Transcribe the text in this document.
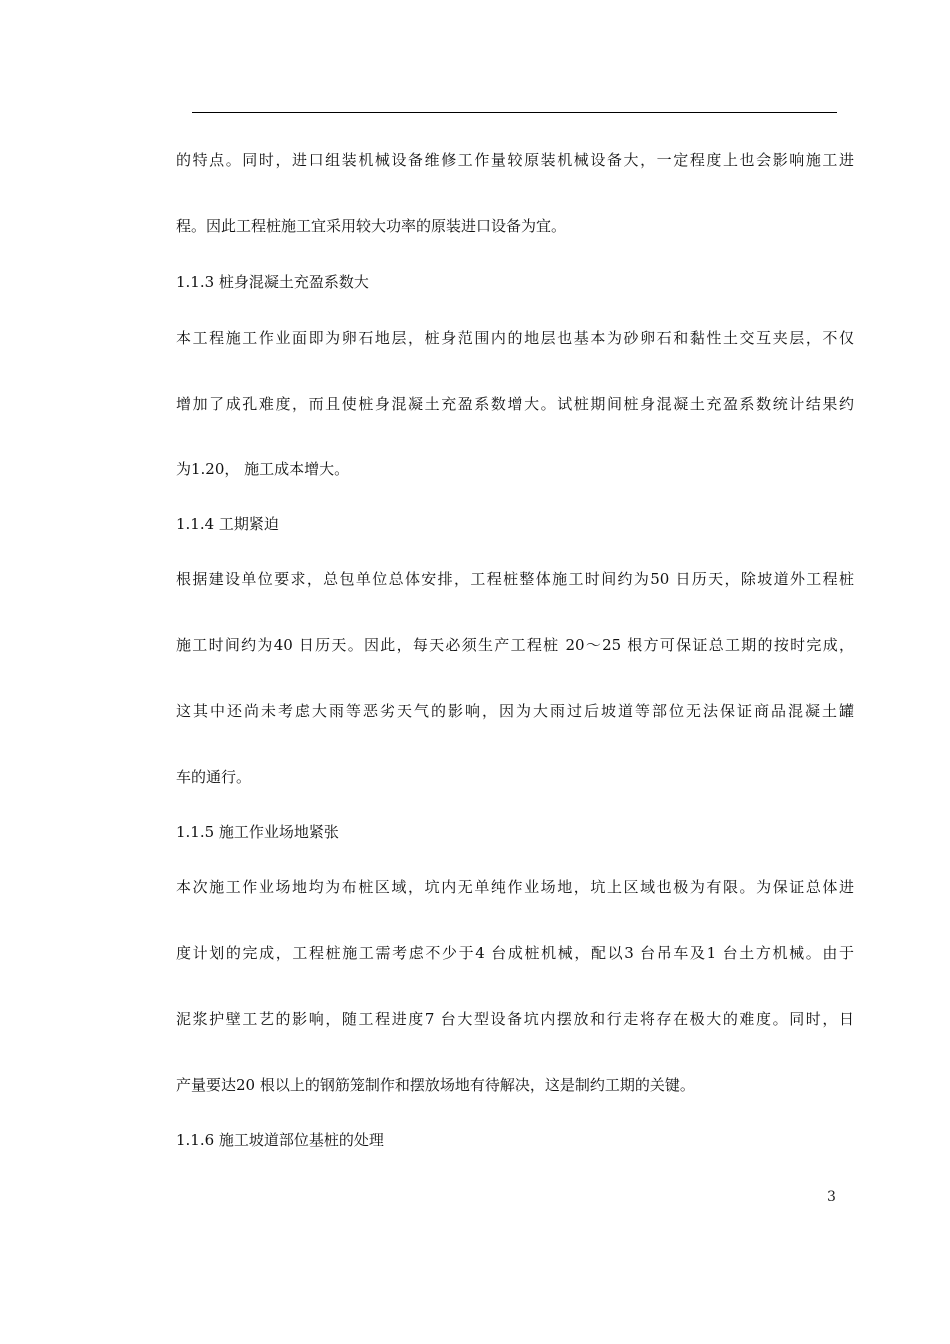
的特点。同时，进口组装机械设备维修工作量较原装机械设备大，一定程度上也会影响施工进

程。因此工程桩施工宜采用较大功率的原装进口设备为宜。

1.1.3 桩身混凝土充盈系数大

本工程施工作业面即为卵石地层，桩身范围内的地层也基本为砂卵石和黏性土交互夹层，不仅

增加了成孔难度，而且使桩身混凝土充盈系数增大。试桩期间桩身混凝土充盈系数统计结果约

为1.20， 施工成本增大。

1.1.4 工期紧迫

根据建设单位要求，总包单位总体安排，工程桩整体施工时间约为50 日历天，除坡道外工程桩

施工时间约为40 日历天。因此，每天必须生产工程桩 20～25 根方可保证总工期的按时完成，

这其中还尚未考虑大雨等恶劣天气的影响，因为大雨过后坡道等部位无法保证商品混凝土罐

车的通行。

1.1.5 施工作业场地紧张

本次施工作业场地均为布桩区域，坑内无单纯作业场地，坑上区域也极为有限。为保证总体进

度计划的完成，工程桩施工需考虑不少于4 台成桩机械，配以3 台吊车及1 台土方机械。由于

泥浆护壁工艺的影响，随工程进度7 台大型设备坑内摆放和行走将存在极大的难度。同时，日

产量要达20 根以上的钢筋笼制作和摆放场地有待解决，这是制约工期的关键。

1.1.6 施工坡道部位基桩的处理

3
